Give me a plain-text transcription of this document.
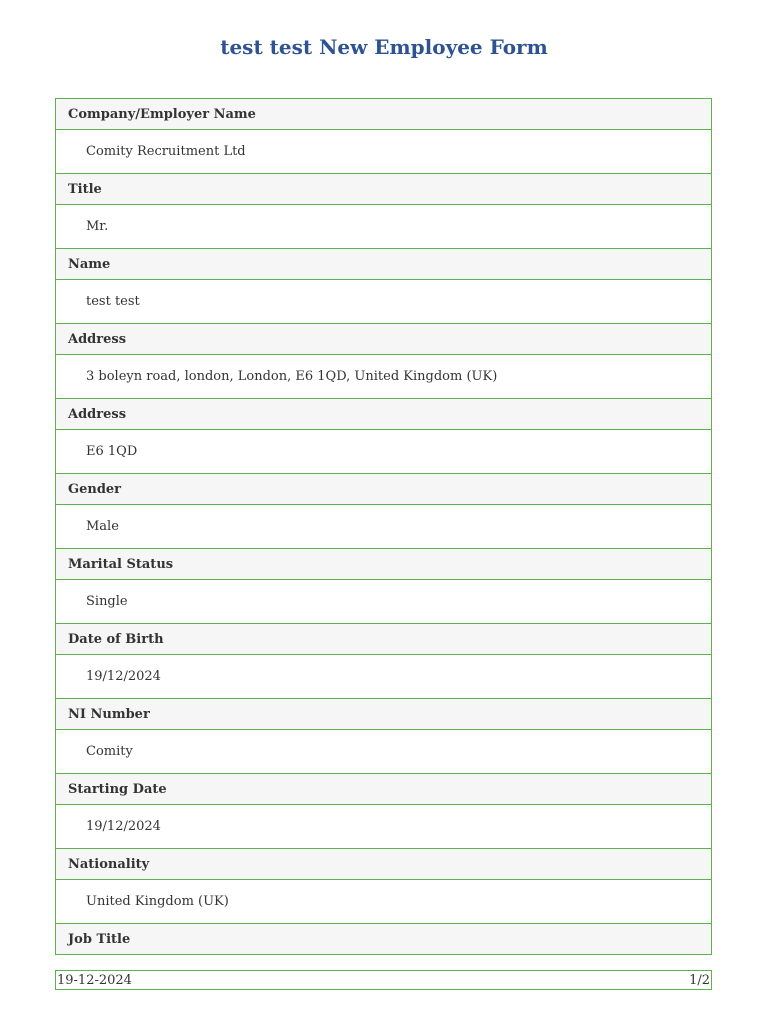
test test New Employee Form
Company/Employer Name
Comity Recruitment Ltd
Title
Mr.
Name
test test
Address
3 boleyn road, london, London, E6 1QD, United Kingdom (UK)
Address
E6 1QD
Gender
Male
Marital Status
Single
Date of Birth
19/12/2024
NI Number
Comity
Starting Date
19/12/2024
Nationality
United Kingdom (UK)
Job Title
19-12-2024	1/2
